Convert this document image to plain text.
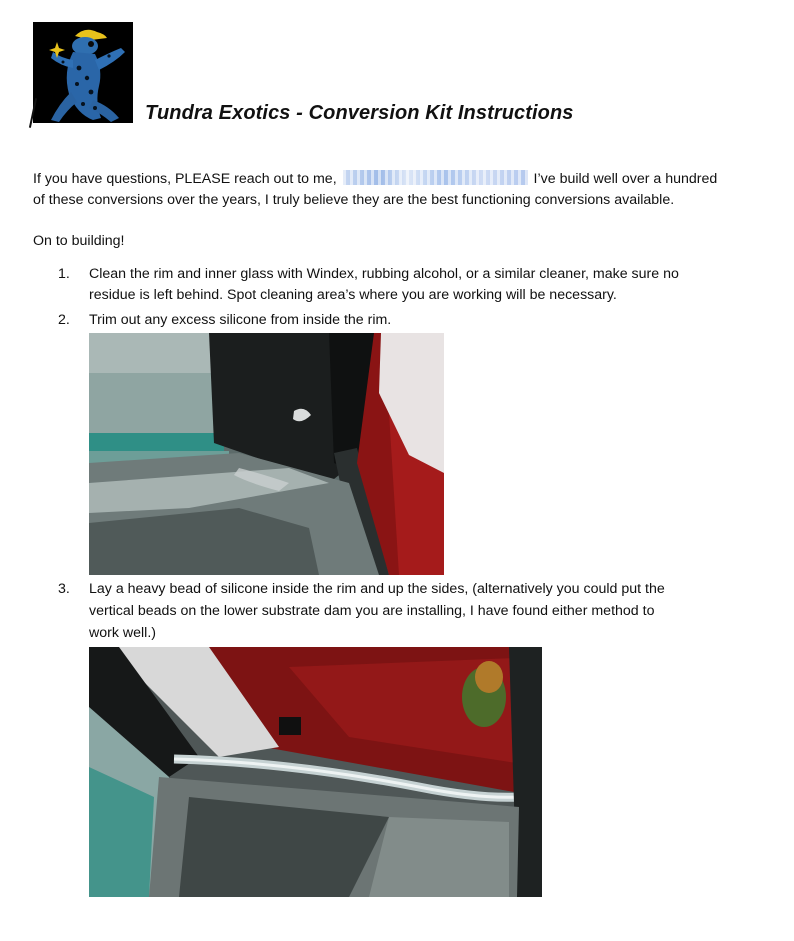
Tundra Exotics - Conversion Kit Instructions
If you have questions, PLEASE reach out to me,	I’ve build well over a hundred
of these conversions over the years, I truly believe they are the best functioning conversions available.
On to building!
1. Clean the rim and inner glass with Windex, rubbing alcohol, or a similar cleaner, make sure no
residue is left behind. Spot cleaning area’s where you are working will be necessary.
2. Trim out any excess silicone from inside the rim.
3. Lay a heavy bead of silicone inside the rim and up the sides, (alternatively you could put the
vertical beads on the lower substrate dam you are installing, I have found either method to
work well.)
